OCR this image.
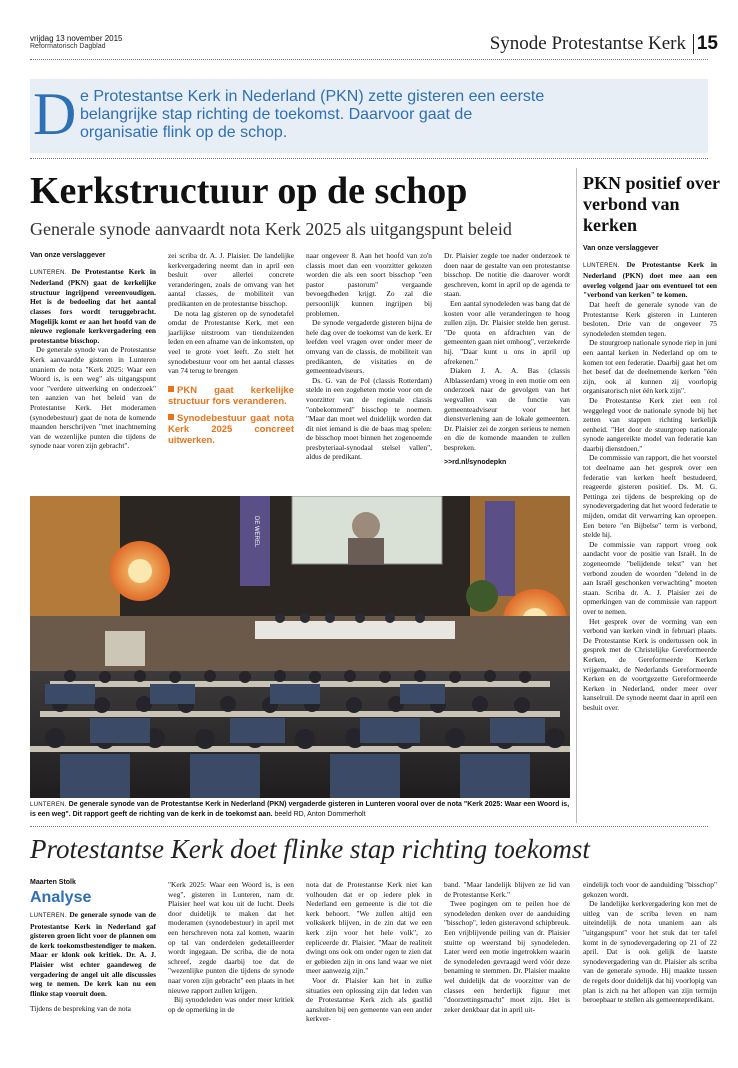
vrijdag 13 november 2015
Reformatorisch Dagblad	Synode Protestantse Kerk 15
D e Protestantse Kerk in Nederland (PKN) zette gisteren een eerste belangrijke stap richting de toekomst. Daarvoor gaat de organisatie flink op de schop.
Kerkstructuur op de schop
Generale synode aanvaardt nota Kerk 2025 als uitgangspunt beleid
Van onze verslaggever

LUNTEREN. De Protestantse Kerk in Nederland (PKN) gaat de kerkelijke structuur ingrijpend vereenvoudigen. Het is de bedoeling dat het aantal classes fors wordt teruggebracht. Mogelijk komt er aan het hoofd van de nieuwe regionale kerkvergadering een protestantse bisschop.

De generale synode van de Protestantse Kerk aanvaardde gisteren in Lunteren unaniem de nota "Kerk 2025: Waar een Woord is, is een weg" als uitgangspunt voor "verdere uitwerking en onderzoek" ten aanzien van het beleid van de Protestantse Kerk. Het moderamen (synodebestuur) gaat de nota de komende maanden herschrijven "met inachtneming van de wezenlijke punten die tijdens de synode naar voren zijn gebracht".

zei scriba dr. A. J. Plaisier. De landelijke kerkvergadering neemt dan in april een besluit over allerlei concrete veranderingen, zoals de omvang van het aantal classes, de mobiliteit van predikanten en de protestantse bisschop.

De nota lag gisteren op de synodetafel omdat de Protestantse Kerk, met een jaarlijkse uitstroom van tienduizenden leden en een afname van de inkomsten, op veel te grote voet leeft. Zo stelt het synodebestuur voor om het aantal classes van 74 terug te brengen

PKN gaat kerkelijke structuur fors veranderen.
Synodebestuur gaat nota Kerk 2025 concreet uitwerken.

naar ongeveer 8. Aan het hoofd van zo'n classis moet dan een voorzitter gekozen worden die als een soort bisschop "een pastor pastorum" vergaande bevoegdheden krijgt. Zo zal die persoonlijk kunnen ingrijpen bij problemen.

De synode vergaderde gisteren bijna de hele dag over de toekomst van de kerk. Er leefden veel vragen over onder meer de omvang van de classis, de mobiliteit van predikanten, de visitaties en de gemeenteadviseurs.

Ds. G. van de Pol (classis Rotterdam) stelde in een zogeheten motie voor om de voorzitter van de regionale classis "onbekommerd" bisschop te noemen. "Maar dan moet wel duidelijk worden dat dit niet iemand is die de baas mag spelen: de bisschop moet binnen het zogenoemde presbyteriaal-synodaal stelsel vallen", aldus de predikant.

Dr. Plaisier zegde toe nader onderzoek te doen naar de gestalte van een protestantse bisschop. De notitie die daarover wordt geschreven, komt in april op de agenda te staan.

Een aantal synodeleden was bang dat de kosten voor alle veranderingen te hoog zullen zijn. Dr. Plaisier stelde hen gerust. "De quota en afdrachten van de gemeenten gaan niet omhoog", verzekerde hij. "Daar kunt u ons in april op afrekenen."

Diaken J. A. A. Bas (classis Alblasserdam) vroeg in een motie om een onderzoek naar de gevolgen van het wegvallen van de functie van gemeenteadviseur voor het dienstverlening aan de lokale gemeenten. Dr. Plaisier zei de zorgen serieus te nemen en die de komende maanden te zullen bespreken.

>>rd.nl/synodepkn
DE WEREL
LUNTEREN. De generale synode van de Protestantse Kerk in Nederland (PKN) vergaderde gisteren in Lunteren vooral over de nota "Kerk 2025: Waar een Woord is, is een weg". Dit rapport geeft de richting van de kerk in de toekomst aan. beeld RD, Anton Dommerholt
PKN positief over verbond van kerken
Van onze verslaggever

LUNTEREN. De Protestantse Kerk in Nederland (PKN) doet mee aan een overleg volgend jaar om eventueel tot een "verbond van kerken" te komen.

Dat heeft de generale synode van de Protestantse Kerk gisteren in Lunteren besloten. Drie van de ongeveer 75 synodeleden stemden tegen.

De stuurgroep nationale synode riep in juni een aantal kerken in Nederland op om te komen tot een federatie. Daarbij gaat het om het besef dat de deelnemende kerken "één zijn, ook al kunnen zij voorlopig organisatorisch niet één kerk zijn".

De Protestantse Kerk ziet een rol weggelegd voor de nationale synode bij het zetten van stappen richting kerkelijk eenheid. "Het door de stuurgroep nationale synode aangereikte model van federatie kan daarbij dienstdoen."

De commissie van rapport, die het voorstel tot deelname aan het gesprek over een federatie van kerken heeft bestudeerd, reageerde gisteren positief. Ds. M. G. Pettinga zei tijdens de bespreking op de synodevergadering dat het woord federatie te mijden, omdat dit verwarring kan oproepen. Een betere "en Bijbelse" term is verbond, stelde hij.

De commissie van rapport vroeg ook aandacht voor de positie van Israël. In de zogeneomde "belijdende tekst" van het verbond zouden de woorden "delend in de aan Israël geschonken verwachting" moeten staan. Scriba dr. A. J. Plaisier zei de opmerkingen van de commissie van rapport over te nemen.

Het gesprek over de vorming van een verbond van kerken vindt in februari plaats. De Protestantse Kerk is ondertussen ook in gesprek met de Christelijke Gereformeerde Kerken, de Gereformeerde Kerken vrijgemaakt, de Nederlands Gereformeerde Kerken en de voortgezette Gereformeerde Kerken in Nederland, onder meer over kanselruil. De synode neemt daar in april een besluit over.

Protestantse Kerk doet flinke stap richting toekomst
Maarten Stolk
Analyse

LUNTEREN. De generale synode van de Protestantse Kerk in Nederland gaf gisteren groen licht voor de plannen om de kerk toekomstbestendiger te maken. Maar er klonk ook kritiek. Dr. A. J. Plaisier wist echter gaandeweg de vergadering de angel uit alle discussies weg te nemen. De kerk kan nu een flinke stap vooruit doen.

Tijdens de bespreking van de nota

"Kerk 2025: Waar een Woord is, is een weg", gisteren in Lunteren, nam dr. Plaisier heel wat kou uit de lucht. Deels door duidelijk te maken dat het moderamen (synodebestuur) in april met een herschreven nota zal komen, waarin op tal van onderdelen gedetailleerder wordt ingegaan. De scriba, die de nota schreef, zegde daarbij toe dat de "wezenlijke punten die tijdens de synode naar voren zijn gebracht" een plaats in het nieuwe rapport zullen krijgen.

Bij synodeleden was onder meer kritiek op de opmerking in de

nota dat de Protestantse Kerk niet kan volhouden dat er op iedere plek in Nederland een gemeente is die tot die kerk behoort. "We zullen altijd een volkskerk blijven, in de zin dat we een kerk zijn voor het hele volk", zo repliceerde dr. Plaisier. "Maar de realiteit dwingt ons ook om onder ogen te zien dat er gebieden zijn in ons land waar we niet meer aanwezig zijn."

Voor dr. Plaisier kan het in zulke situaties een oplossing zijn dat leden van de Protestantse Kerk zich als gastlid aansluiten bij een gemeente van een ander kerkver-

band. "Maar landelijk blijven ze lid van de Protestantse Kerk."

Twee pogingen om te peilen hoe de synodeleden denken over de aanduiding "bisschop", leden gisteravond schipbreuk. Een vrijblijvende peiling van dr. Plaisier stuitte op weerstand bij synodeleden. Later werd een motie ingetrokken waarin de synodeleden gevraagd werd vóór deze benaming te stemmen. Dr. Plaisier maakte wel duidelijk dat de voorzitter van de classes een herderlijk figuur met "doorzettingsmacht" moet zijn. Het is zeker denkbaar dat in april uit-

eindelijk toch voor de aanduiding "bisschop" gekozen wordt.

De landelijke kerkvergadering kon met de uitleg van de scriba leven en nam uiteindelijk de nota unaniem aan als "uitgangspunt" voor het stuk dat ter tafel komt in de synodevergadering op 21 of 22 april. Dat is ook gelijk de laatste synodevergadering van dr. Plaisier als scriba van de generale synode. Hij maakte tussen de regels door duidelijk dat hij voorlopig van plan is zich na het aflopen van zijn termijn beroepbaar te stellen als gemeentepredikant.
